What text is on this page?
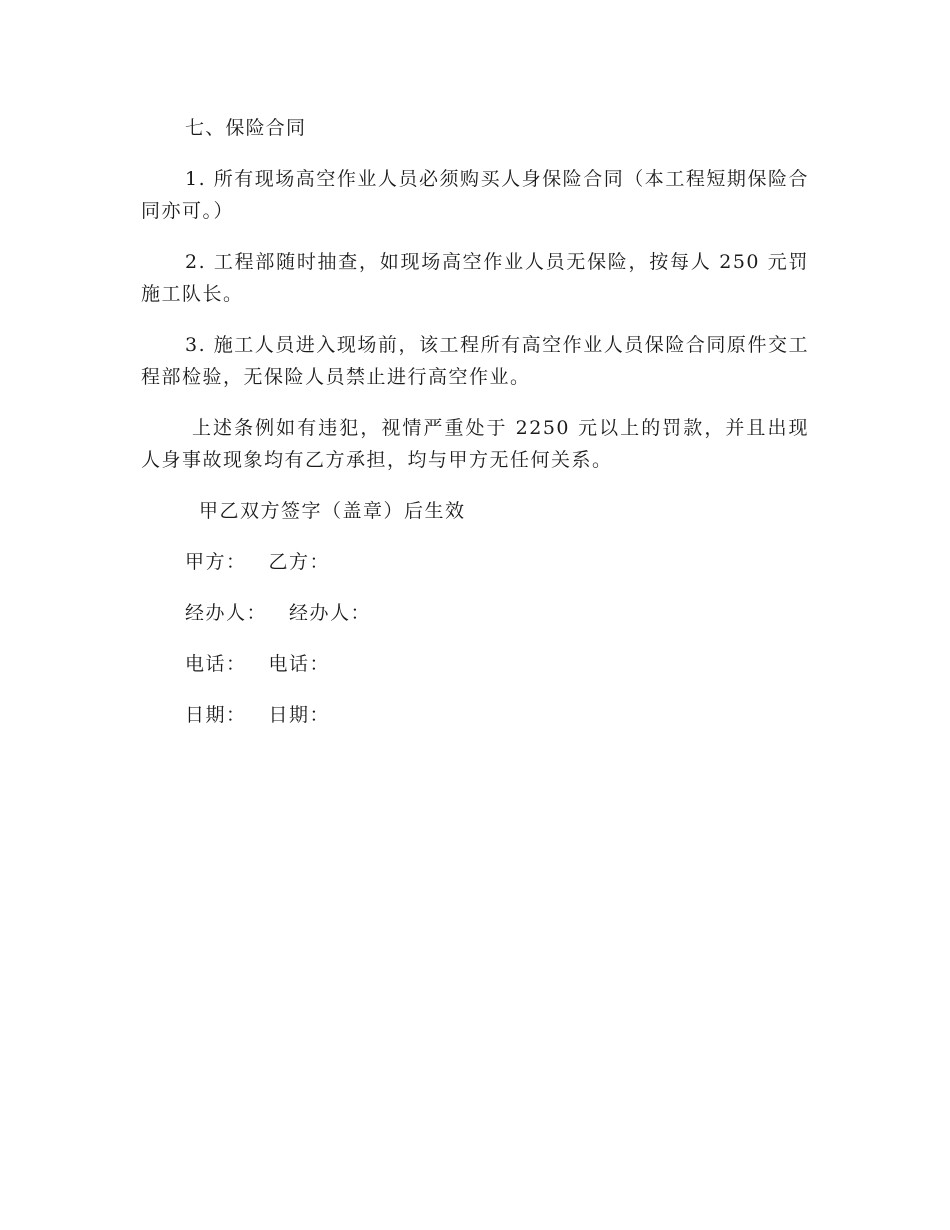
七、保险合同

1. 所有现场高空作业人员必须购买人身保险合同（本工程短期保险合同亦可。）

2. 工程部随时抽查，如现场高空作业人员无保险，按每人 250 元罚施工队长。

3. 施工人员进入现场前，该工程所有高空作业人员保险合同原件交工程部检验，无保险人员禁止进行高空作业。

上述条例如有违犯，视情严重处于 2250 元以上的罚款，并且出现人身事故现象均有乙方承担，均与甲方无任何关系。

甲乙双方签字（盖章）后生效

甲方： 乙方：
经办人： 经办人：
电话： 电话：
日期： 日期：
